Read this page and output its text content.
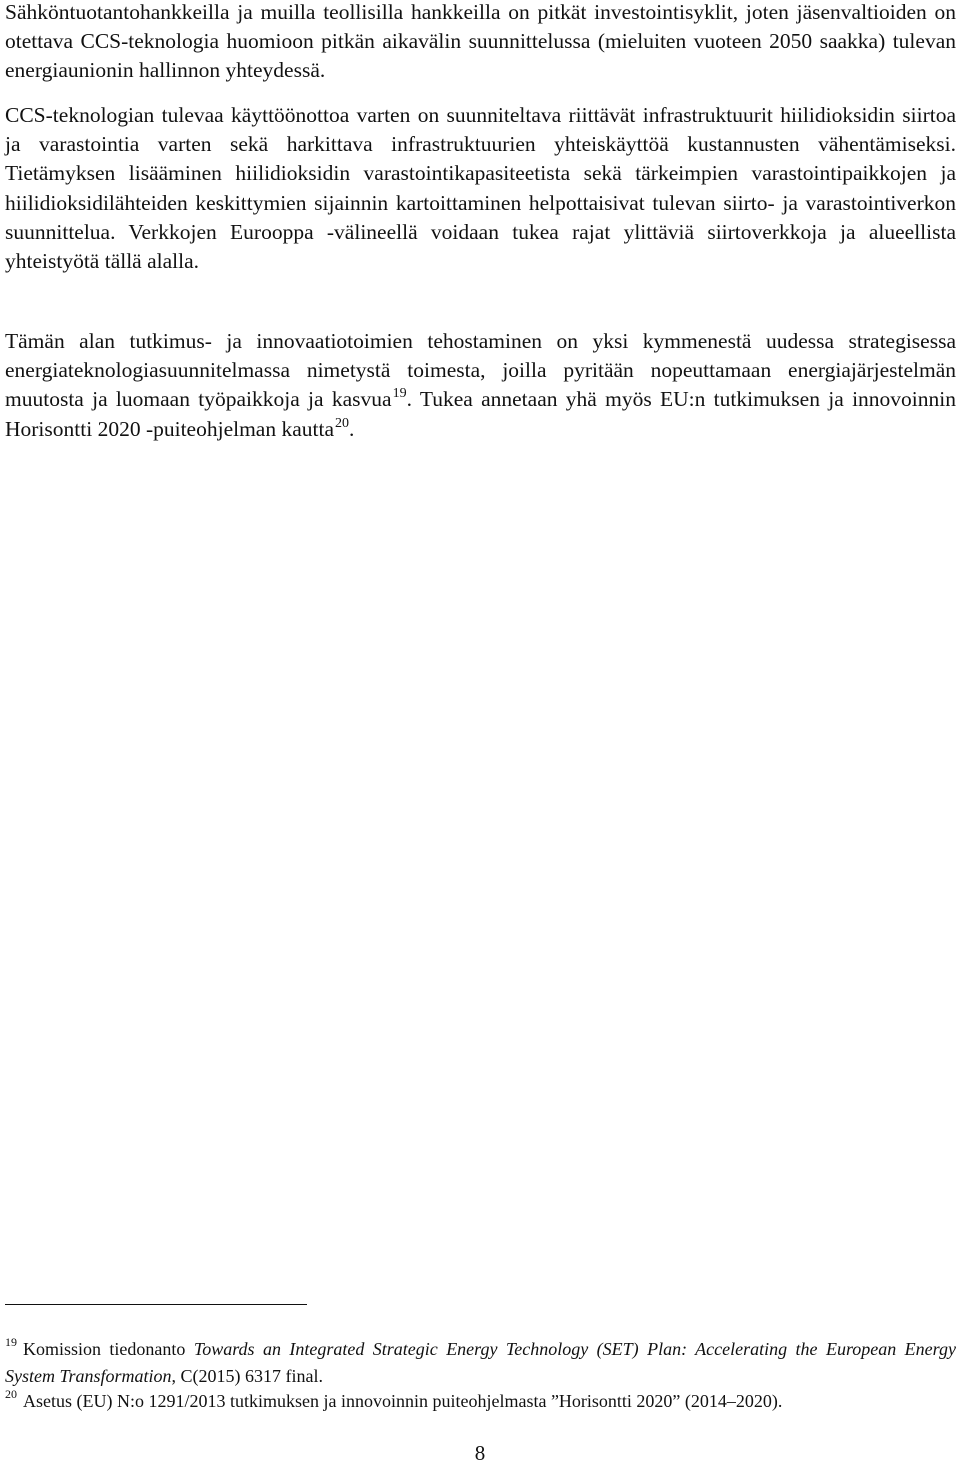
Sähköntuotantohankkeilla ja muilla teollisilla hankkeilla on pitkät investointisyklit, joten jäsenvaltioiden on otettava CCS-teknologia huomioon pitkän aikavälin suunnittelussa (mieluiten vuoteen 2050 saakka) tulevan energiaunionin hallinnon yhteydessä.

CCS-teknologian tulevaa käyttöönottoa varten on suunniteltava riittävät infrastruktuurit hiilidioksidin siirtoa ja varastointia varten sekä harkittava infrastruktuurien yhteiskäyttöä kustannusten vähentämiseksi. Tietämyksen lisääminen hiilidioksidin varastointikapasiteetista sekä tärkeimpien varastointipaikkojen ja hiilidioksidilähteiden keskittymien sijainnin kartoittaminen helpottaisivat tulevan siirto- ja varastointiverkon suunnittelua. Verkkojen Eurooppa -välineellä voidaan tukea rajat ylittäviä siirtoverkkoja ja alueellista yhteistyötä tällä alalla.

Tämän alan tutkimus- ja innovaatiotoimien tehostaminen on yksi kymmenestä uudessa strategisessa energiateknologiasuunnitelmassa nimetystä toimesta, joilla pyritään nopeuttamaan energiajärjestelmän muutosta ja luomaan työpaikkoja ja kasvua$^{19}$. Tukea annetaan yhä myös EU:n tutkimuksen ja innovoinnin Horisontti 2020 -puiteohjelman kautta$^{20}$.

$^{19}$ Komission tiedonanto Towards an Integrated Strategic Energy Technology (SET) Plan: Accelerating the European Energy System Transformation, C(2015) 6317 final.

$^{20}$ Asetus (EU) N:o 1291/2013 tutkimuksen ja innovoinnin puiteohjelmasta ”Horisontti 2020” (2014–2020).

8
